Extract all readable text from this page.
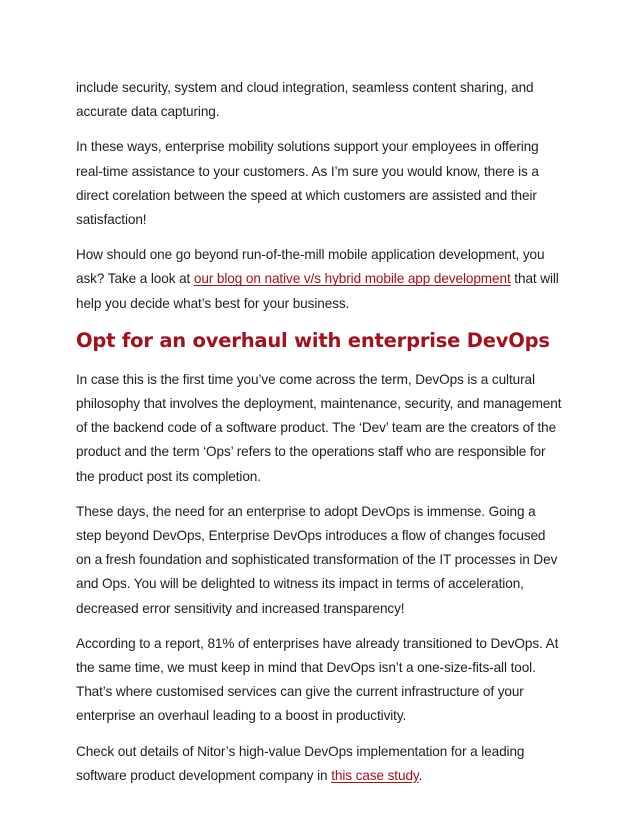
include security, system and cloud integration, seamless content sharing, and accurate data capturing.

In these ways, enterprise mobility solutions support your employees in offering real-time assistance to your customers. As I’m sure you would know, there is a direct corelation between the speed at which customers are assisted and their satisfaction!

How should one go beyond run-of-the-mill mobile application development, you ask? Take a look at our blog on native v/s hybrid mobile app development that will help you decide what’s best for your business.

Opt for an overhaul with enterprise DevOps

In case this is the first time you’ve come across the term, DevOps is a cultural philosophy that involves the deployment, maintenance, security, and management of the backend code of a software product. The ‘Dev’ team are the creators of the product and the term ‘Ops’ refers to the operations staff who are responsible for the product post its completion.

These days, the need for an enterprise to adopt DevOps is immense. Going a step beyond DevOps, Enterprise DevOps introduces a flow of changes focused on a fresh foundation and sophisticated transformation of the IT processes in Dev and Ops. You will be delighted to witness its impact in terms of acceleration, decreased error sensitivity and increased transparency!

According to a report, 81% of enterprises have already transitioned to DevOps. At the same time, we must keep in mind that DevOps isn’t a one-size-fits-all tool. That’s where customised services can give the current infrastructure of your enterprise an overhaul leading to a boost in productivity.

Check out details of Nitor’s high-value DevOps implementation for a leading software product development company in this case study.
